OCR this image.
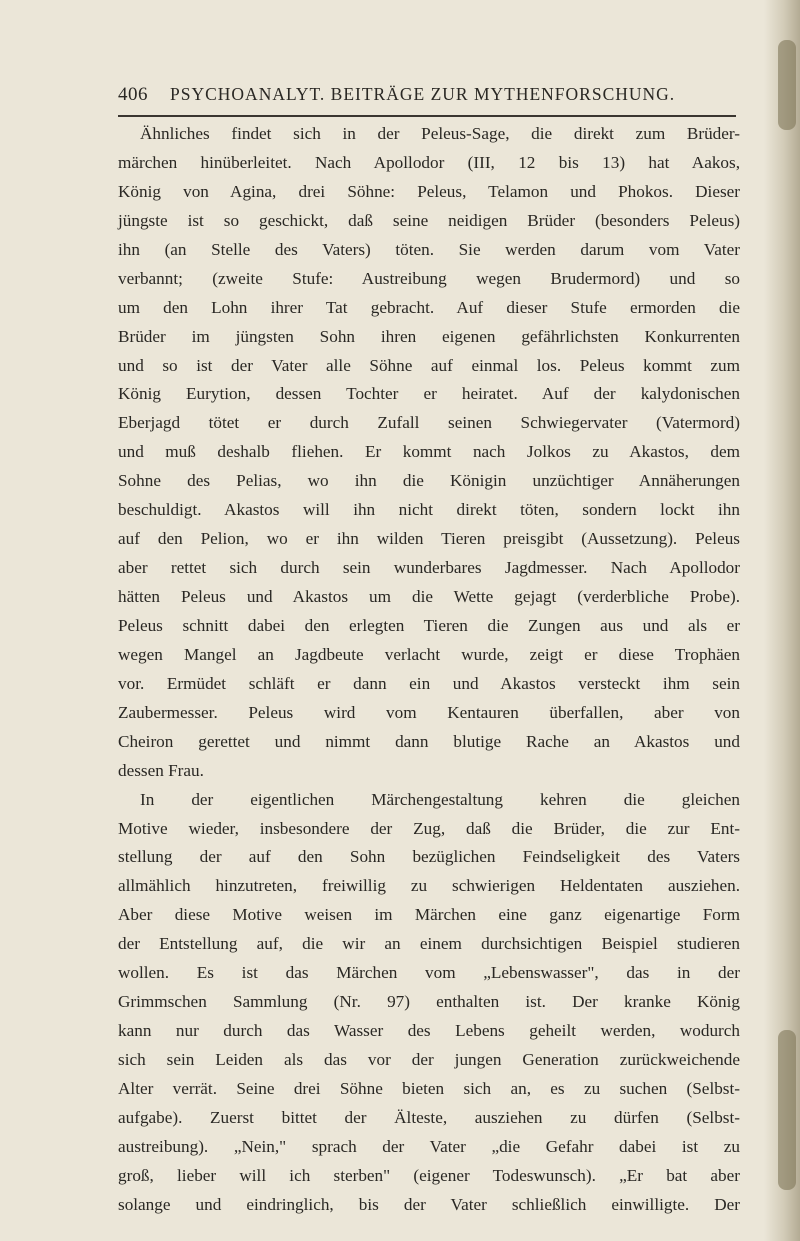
406 PSYCHOANALYT. BEITRÄGE ZUR MYTHENFORSCHUNG.
Ähnliches findet sich in der Peleus-Sage, die direkt zum Brüder-
märchen hinüberleitet. Nach Apollodor (III, 12 bis 13) hat Aakos,
König von Agina, drei Söhne: Peleus, Telamon und Phokos. Dieser
jüngste ist so geschickt, daß seine neidigen Brüder (besonders Peleus)
ihn (an Stelle des Vaters) töten. Sie werden darum vom Vater
verbannt; (zweite Stufe: Austreibung wegen Brudermord) und so
um den Lohn ihrer Tat gebracht. Auf dieser Stufe ermorden die
Brüder im jüngsten Sohn ihren eigenen gefährlichsten Konkurrenten
und so ist der Vater alle Söhne auf einmal los. Peleus kommt zum
König Eurytion, dessen Tochter er heiratet. Auf der kalydonischen
Eberjagd tötet er durch Zufall seinen Schwiegervater (Vatermord)
und muß deshalb fliehen. Er kommt nach Jolkos zu Akastos, dem
Sohne des Pelias, wo ihn die Königin unzüchtiger Annäherungen
beschuldigt. Akastos will ihn nicht direkt töten, sondern lockt ihn
auf den Pelion, wo er ihn wilden Tieren preisgibt (Aussetzung). Peleus
aber rettet sich durch sein wunderbares Jagdmesser. Nach Apollodor
hätten Peleus und Akastos um die Wette gejagt (verderbliche Probe).
Peleus schnitt dabei den erlegten Tieren die Zungen aus und als er
wegen Mangel an Jagdbeute verlacht wurde, zeigt er diese Trophäen
vor. Ermüdet schläft er dann ein und Akastos versteckt ihm sein
Zaubermesser. Peleus wird vom Kentauren überfallen, aber von
Cheiron gerettet und nimmt dann blutige Rache an Akastos und
dessen Frau.
In der eigentlichen Märchengestaltung kehren die gleichen
Motive wieder, insbesondere der Zug, daß die Brüder, die zur Ent-
stellung der auf den Sohn bezüglichen Feindseligkeit des Vaters
allmählich hinzutreten, freiwillig zu schwierigen Heldentaten ausziehen.
Aber diese Motive weisen im Märchen eine ganz eigenartige Form
der Entstellung auf, die wir an einem durchsichtigen Beispiel studieren
wollen. Es ist das Märchen vom „Lebenswasser", das in der
Grimmschen Sammlung (Nr. 97) enthalten ist. Der kranke König
kann nur durch das Wasser des Lebens geheilt werden, wodurch
sich sein Leiden als das vor der jungen Generation zurückweichende
Alter verrät. Seine drei Söhne bieten sich an, es zu suchen (Selbst-
aufgabe). Zuerst bittet der Älteste, ausziehen zu dürfen (Selbst-
austreibung). „Nein," sprach der Vater „die Gefahr dabei ist zu
groß, lieber will ich sterben" (eigener Todeswunsch). „Er bat aber
solange und eindringlich, bis der Vater schließlich einwilligte. Der
